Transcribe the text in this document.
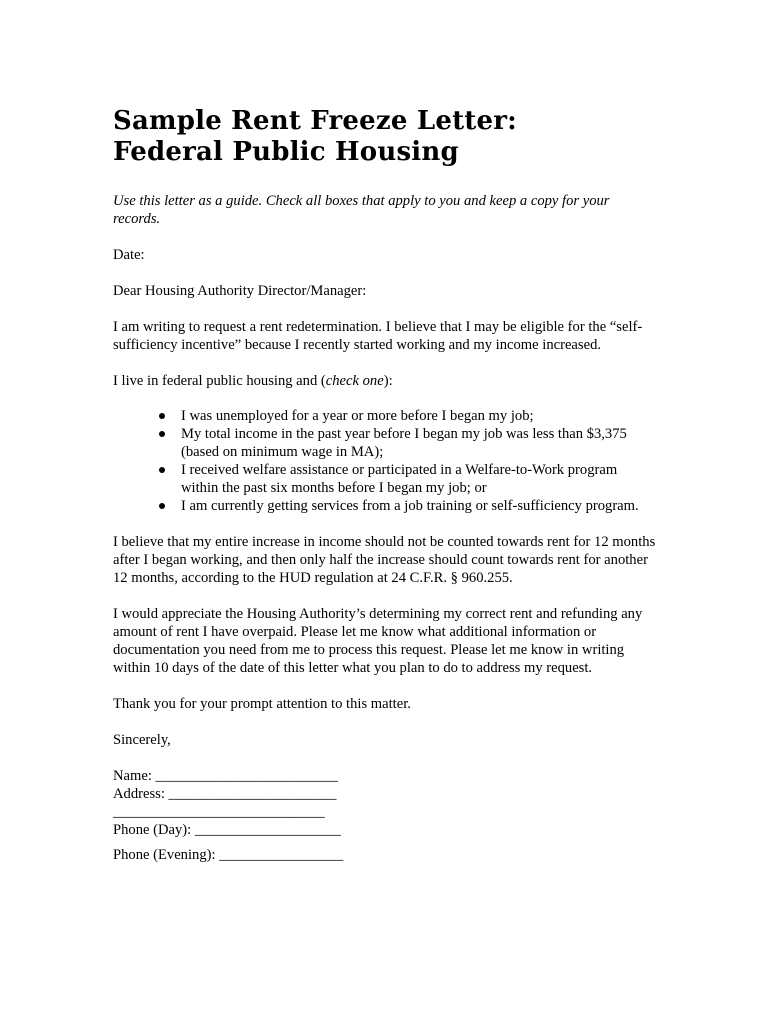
Sample Rent Freeze Letter:
Federal Public Housing

Use this letter as a guide. Check all boxes that apply to you and keep a copy for your records.

Date:

Dear Housing Authority Director/Manager:

I am writing to request a rent redetermination. I believe that I may be eligible for the “self-sufficiency incentive” because I recently started working and my income increased.

I live in federal public housing and (check one):

I was unemployed for a year or more before I began my job;
My total income in the past year before I began my job was less than $3,375 (based on minimum wage in MA);
I received welfare assistance or participated in a Welfare-to-Work program within the past six months before I began my job; or
I am currently getting services from a job training or self-sufficiency program.

I believe that my entire increase in income should not be counted towards rent for 12 months after I began working, and then only half the increase should count towards rent for another 12 months, according to the HUD regulation at 24 C.F.R. § 960.255.

I would appreciate the Housing Authority’s determining my correct rent and refunding any amount of rent I have overpaid. Please let me know what additional information or documentation you need from me to process this request. Please let me know in writing within 10 days of the date of this letter what you plan to do to address my request.

Thank you for your prompt attention to this matter.

Sincerely,

Name: _________________________
Address: _______________________
_____________________________
Phone (Day): ____________________
Phone (Evening): _________________
